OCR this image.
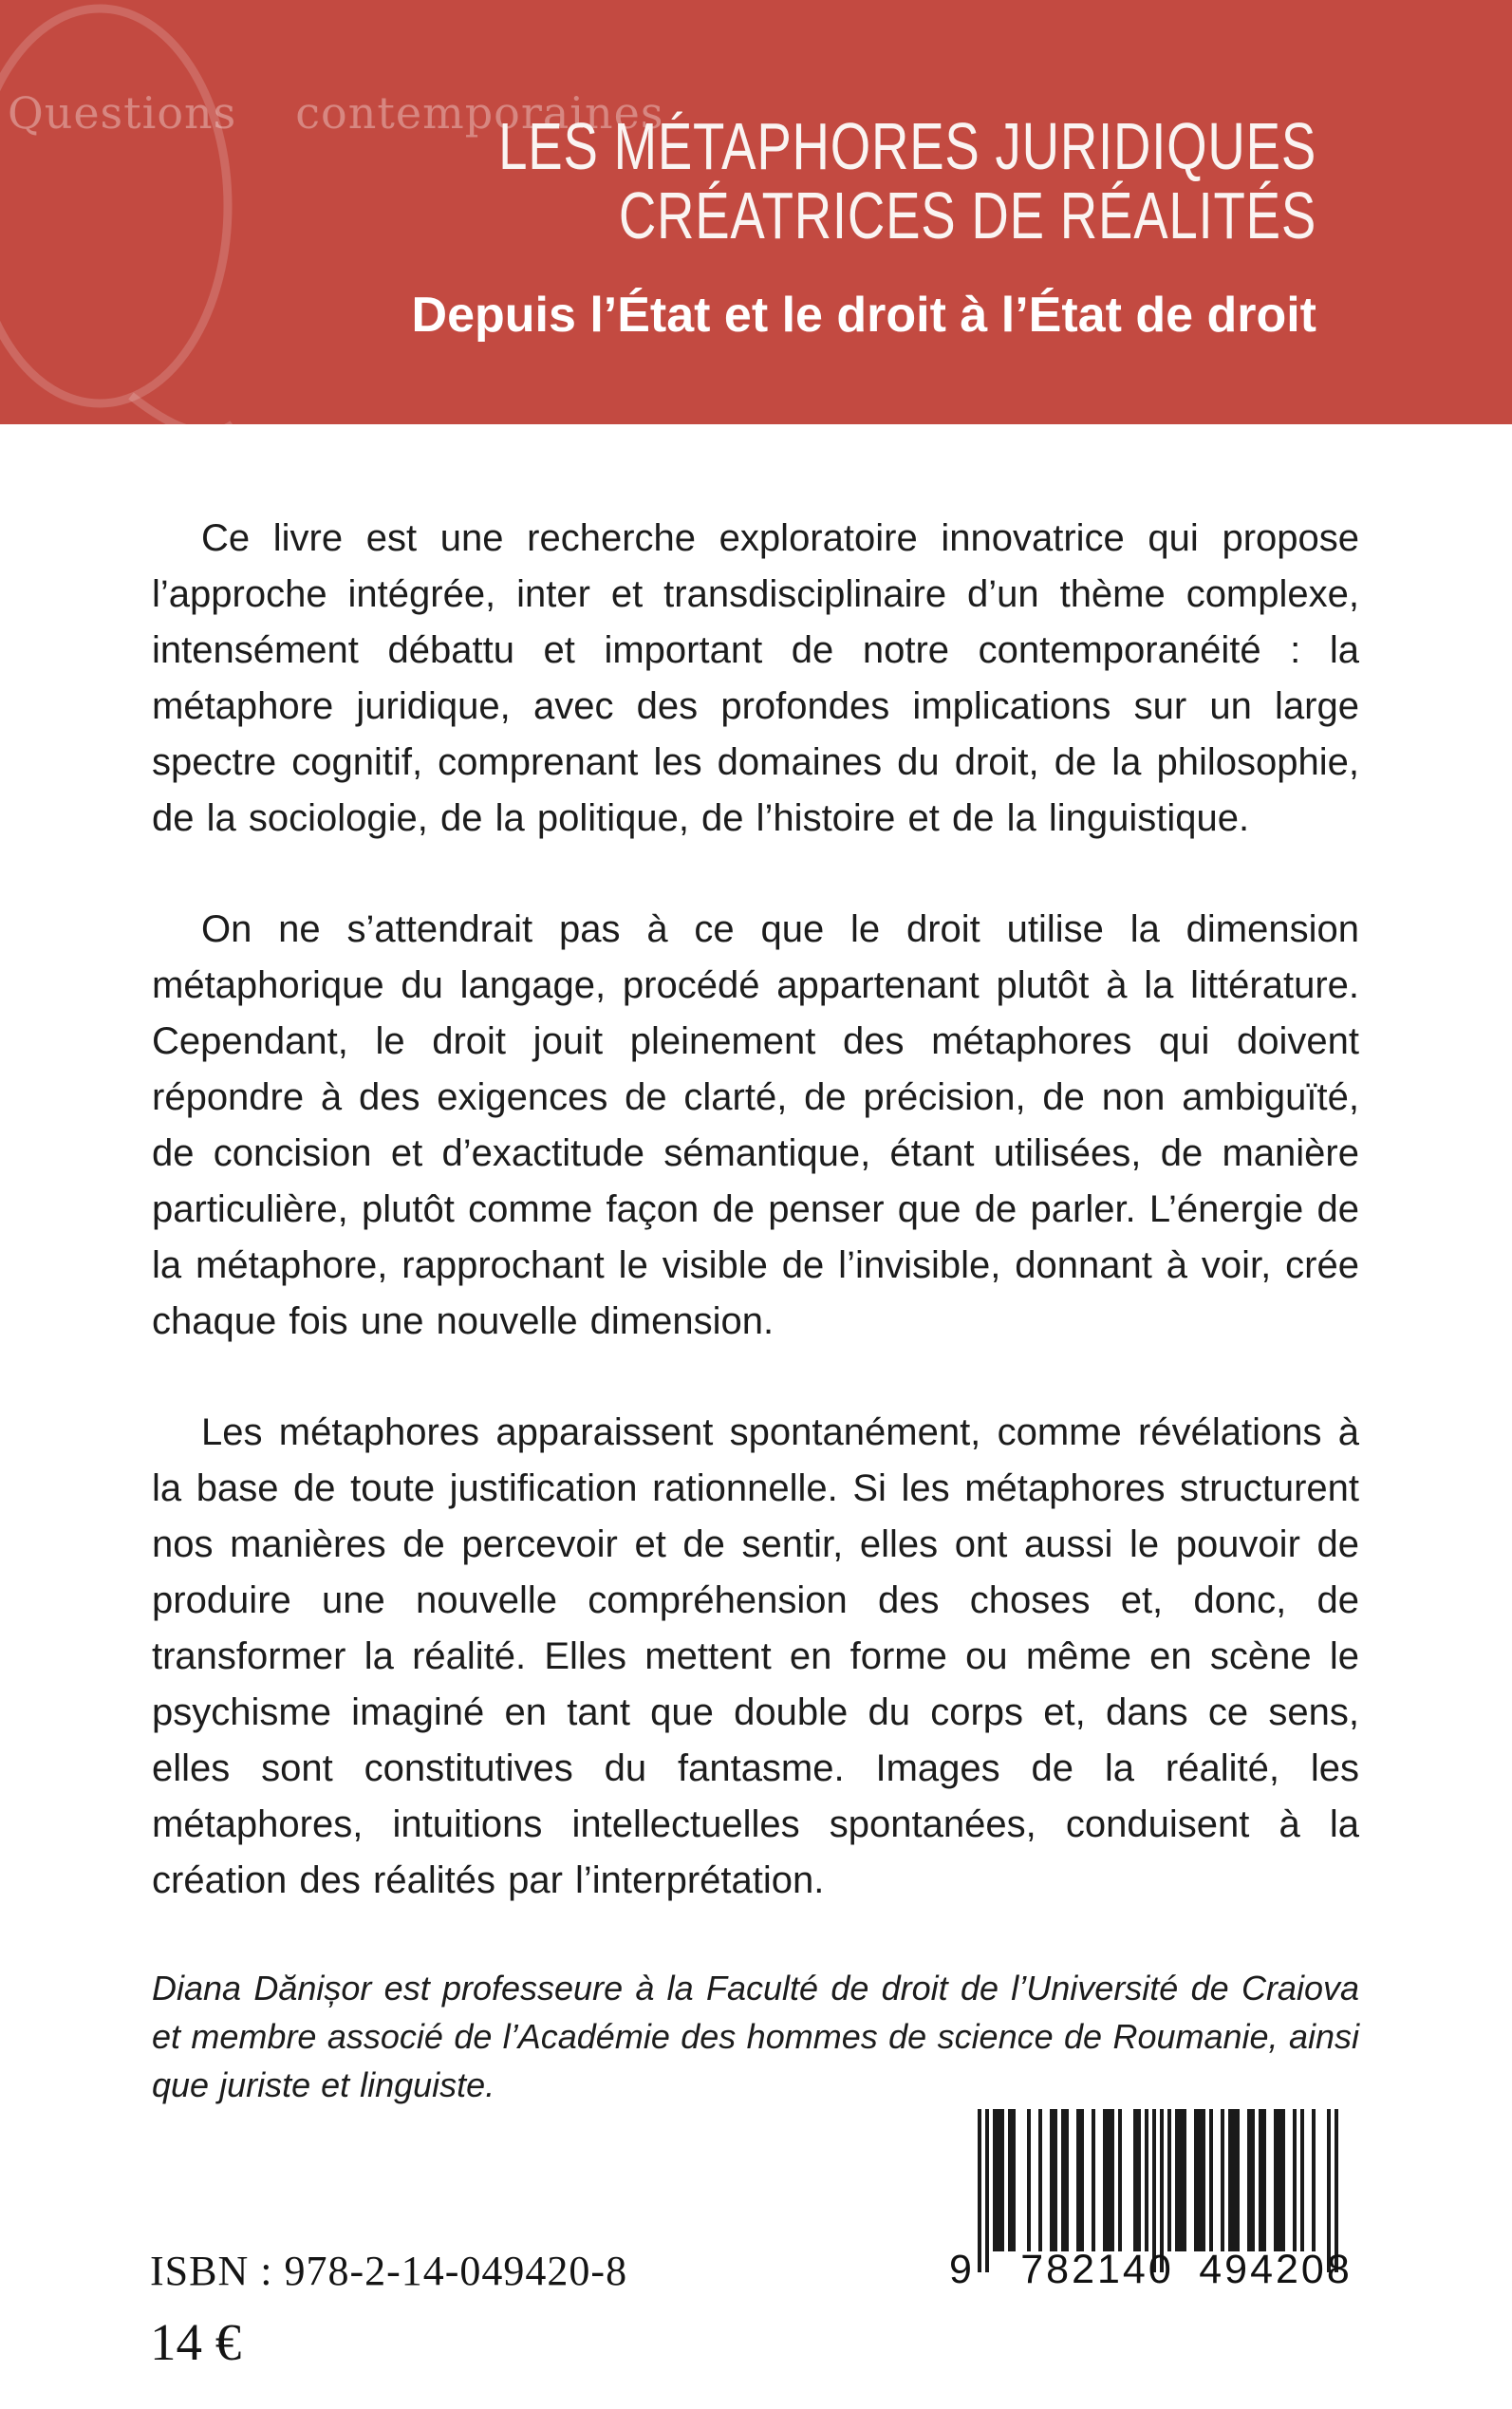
Questions contemporaines
LES MÉTAPHORES JURIDIQUES
CRÉATRICES DE RÉALITÉS
Depuis l’État et le droit à l’État de droit

Ce livre est une recherche exploratoire innovatrice qui propose l’approche intégrée, inter et transdisciplinaire d’un thème complexe, intensément débattu et important de notre contemporanéité : la métaphore juridique, avec des profondes implications sur un large spectre cognitif, comprenant les domaines du droit, de la philosophie, de la sociologie, de la politique, de l’histoire et de la linguistique.

On ne s’attendrait pas à ce que le droit utilise la dimension métaphorique du langage, procédé appartenant plutôt à la littérature. Cependant, le droit jouit pleinement des métaphores qui doivent répondre à des exigences de clarté, de précision, de non ambiguïté, de concision et d’exactitude sémantique, étant utilisées, de manière particulière, plutôt comme façon de penser que de parler. L’énergie de la métaphore, rapprochant le visible de l’invisible, donnant à voir, crée chaque fois une nouvelle dimension.

Les métaphores apparaissent spontanément, comme révélations à la base de toute justification rationnelle. Si les métaphores structurent nos manières de percevoir et de sentir, elles ont aussi le pouvoir de produire une nouvelle compréhension des choses et, donc, de transformer la réalité. Elles mettent en forme ou même en scène le psychisme imaginé en tant que double du corps et, dans ce sens, elles sont constitutives du fantasme. Images de la réalité, les métaphores, intuitions intellectuelles spontanées, conduisent à la création des réalités par l’interprétation.

Diana Dănișor est professeure à la Faculté de droit de l’Université de Craiova et membre associé de l’Académie des hommes de science de Roumanie, ainsi que juriste et linguiste.

ISBN : 978-2-14-049420-8
14 €
9 782140 494208
